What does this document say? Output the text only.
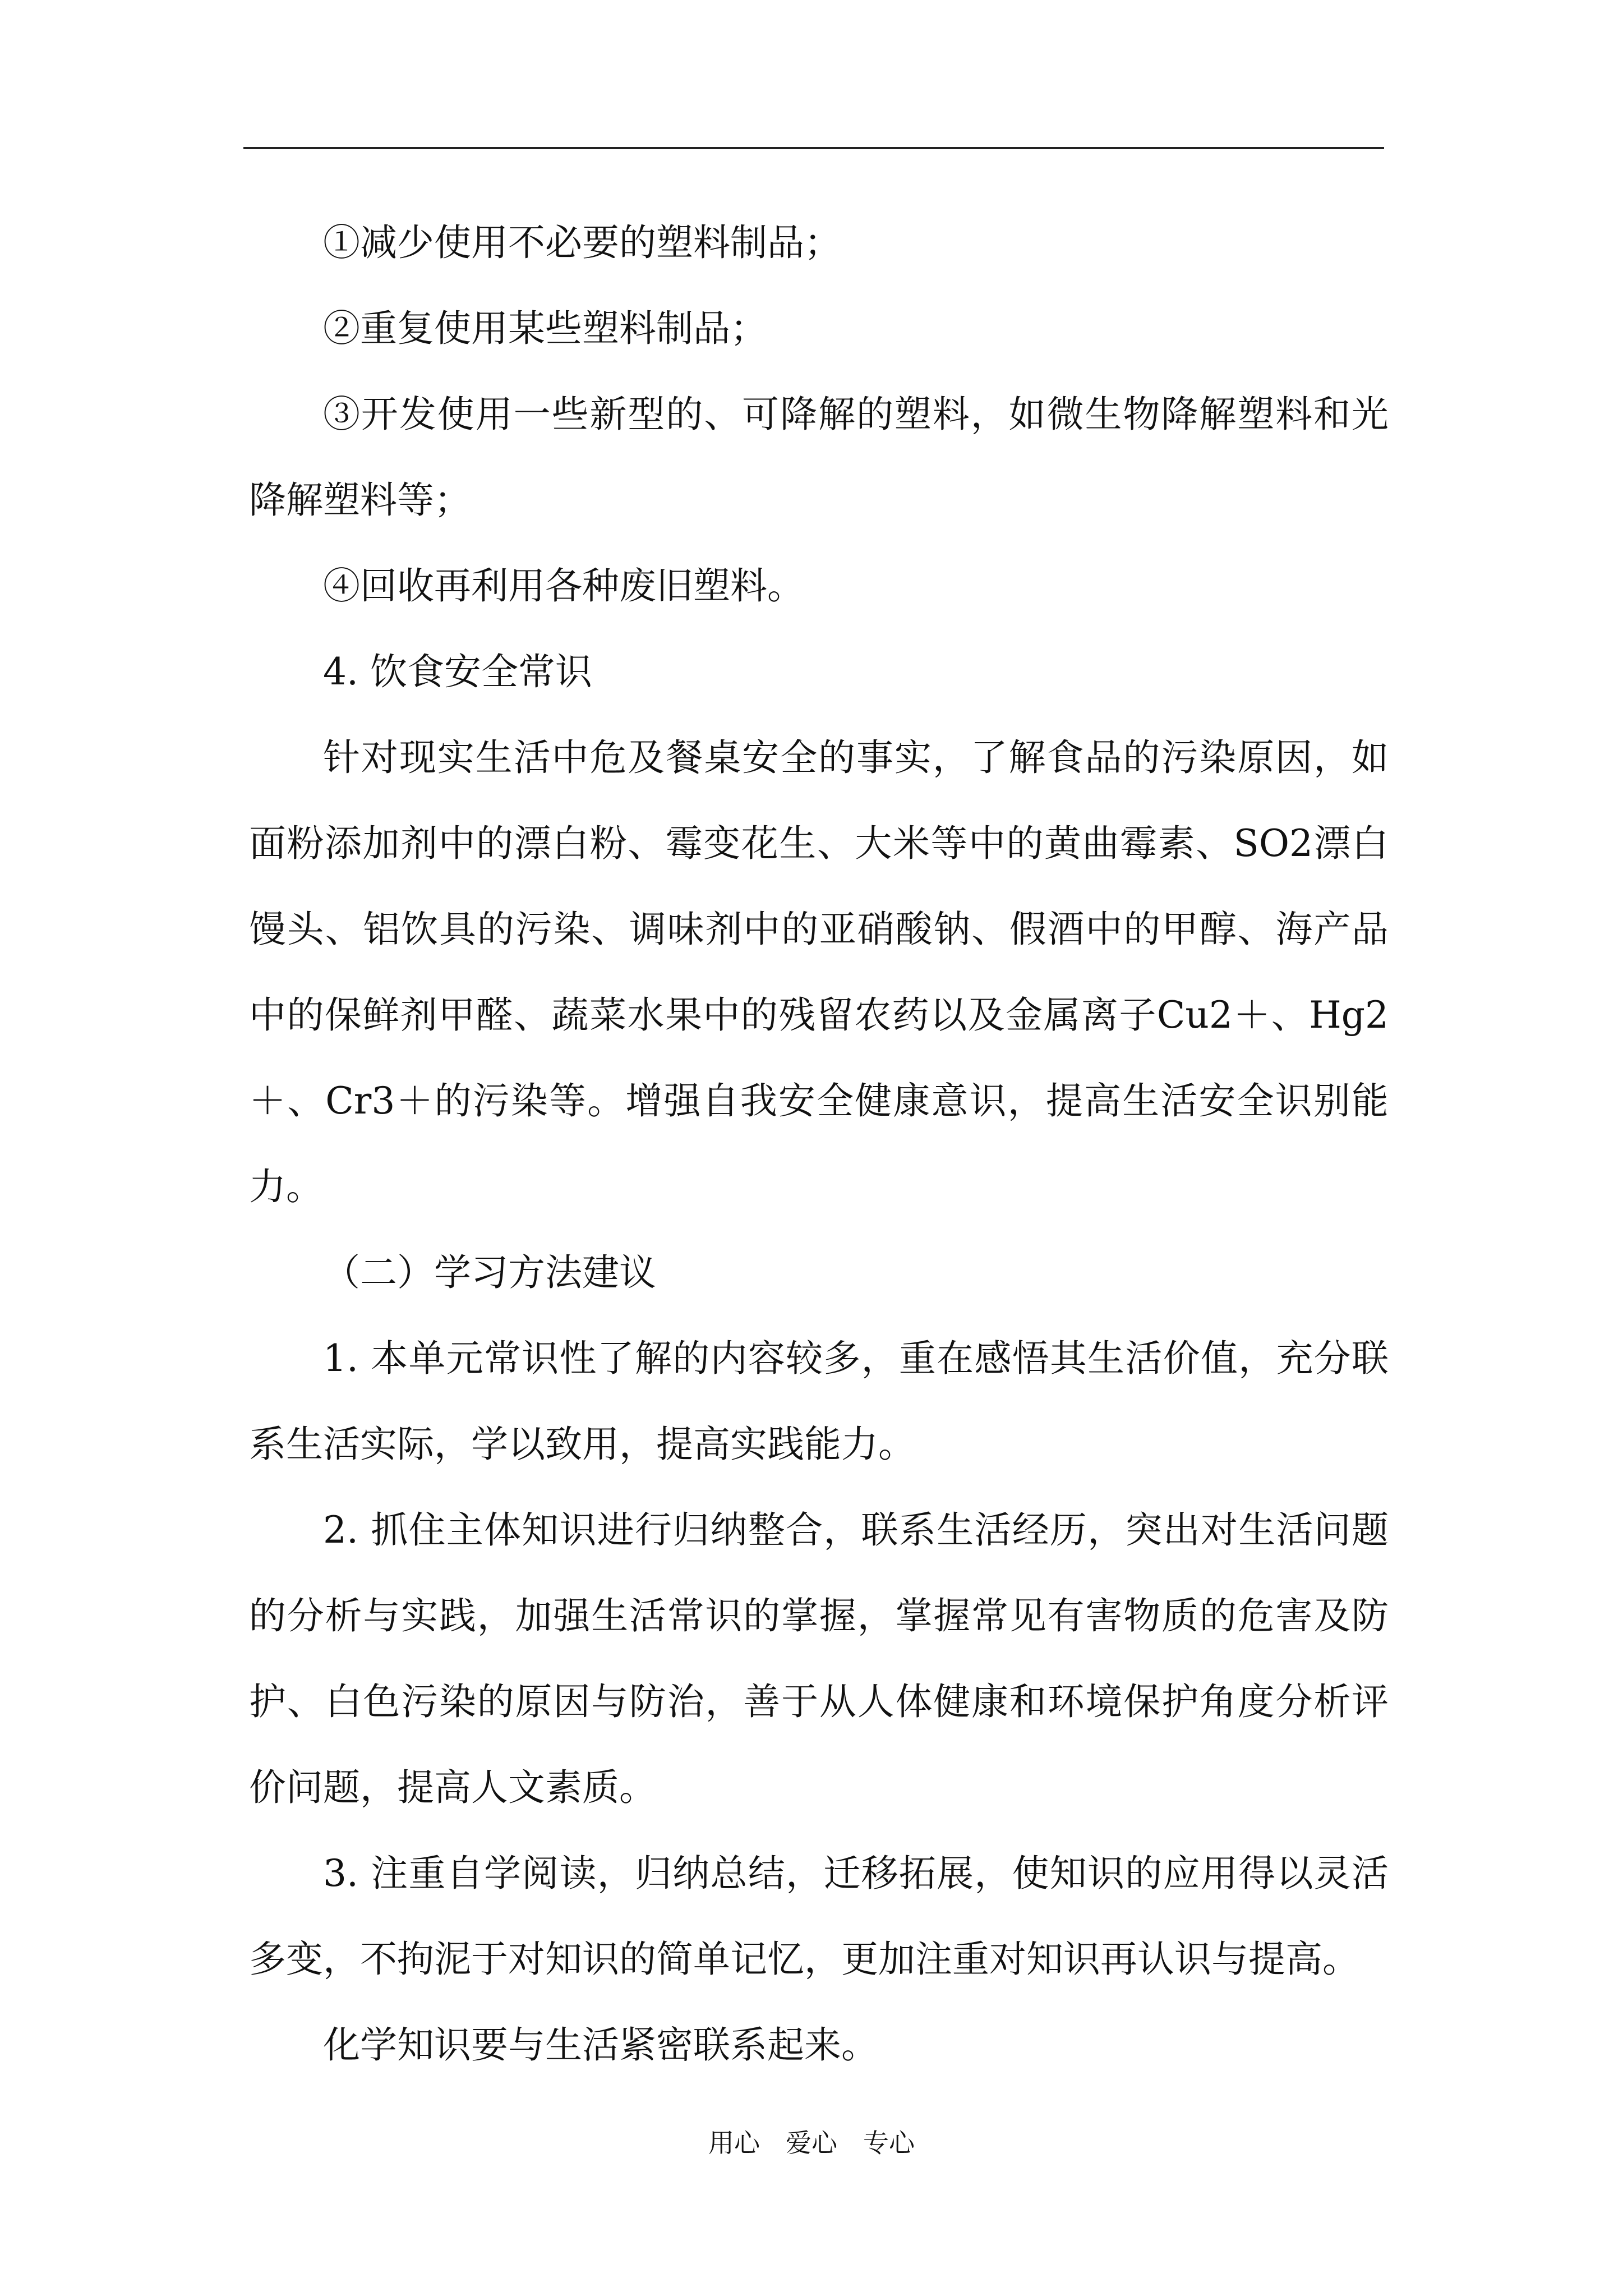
①减少使用不必要的塑料制品；

②重复使用某些塑料制品；

③开发使用一些新型的、可降解的塑料，如微生物降解塑料和光降解塑料等；

④回收再利用各种废旧塑料。

4. 饮食安全常识

针对现实生活中危及餐桌安全的事实，了解食品的污染原因，如面粉添加剂中的漂白粉、霉变花生、大米等中的黄曲霉素、SO2漂白馒头、铝饮具的污染、调味剂中的亚硝酸钠、假酒中的甲醇、海产品中的保鲜剂甲醛、蔬菜水果中的残留农药以及金属离子Cu2＋、Hg2＋、Cr3＋的污染等。增强自我安全健康意识，提高生活安全识别能力。

（二）学习方法建议

1. 本单元常识性了解的内容较多，重在感悟其生活价值，充分联系生活实际，学以致用，提高实践能力。

2. 抓住主体知识进行归纳整合，联系生活经历，突出对生活问题的分析与实践，加强生活常识的掌握，掌握常见有害物质的危害及防护、白色污染的原因与防治，善于从人体健康和环境保护角度分析评价问题，提高人文素质。

3. 注重自学阅读，归纳总结，迁移拓展，使知识的应用得以灵活多变，不拘泥于对知识的简单记忆，更加注重对知识再认识与提高。

化学知识要与生活紧密联系起来。

用心　爱心　专心
